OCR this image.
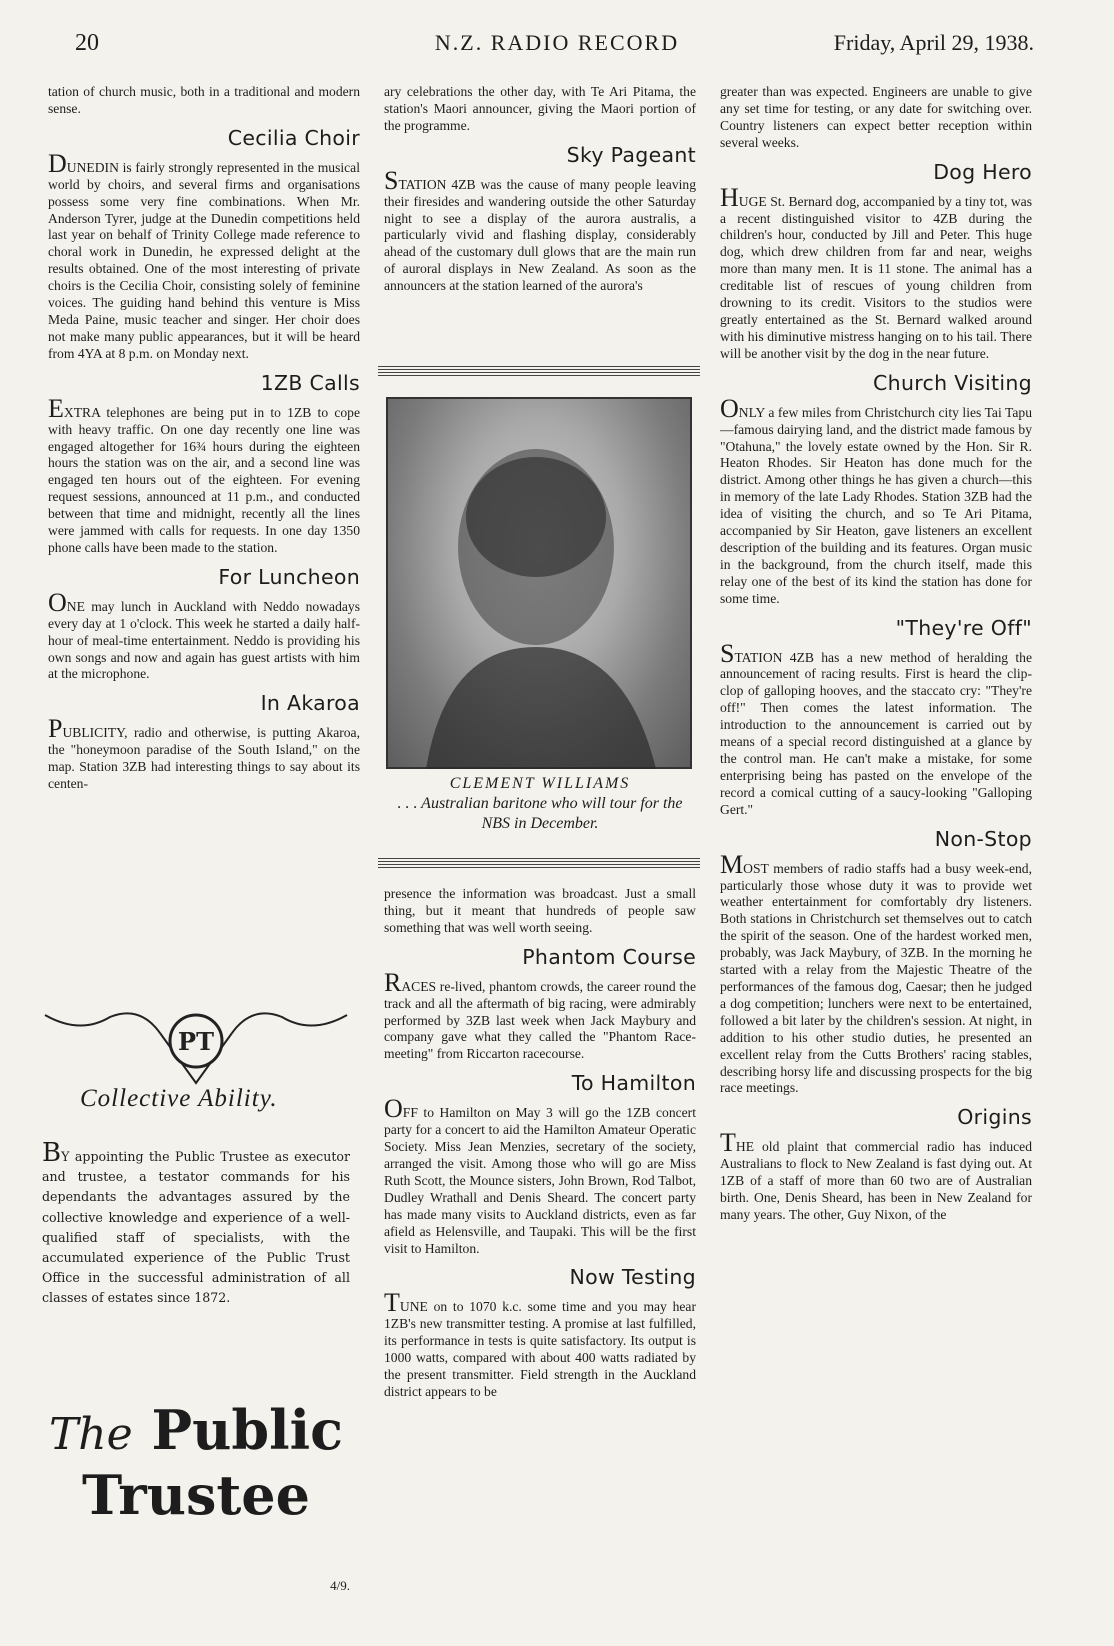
20	N.Z. RADIO RECORD	Friday, April 29, 1938.

tation of church music, both in a traditional and modern sense.

Cecilia Choir

DUNEDIN is fairly strongly represented in the musical world by choirs, and several firms and organisations possess some very fine combinations. When Mr. Anderson Tyrer, judge at the Dunedin competitions held last year on behalf of Trinity College made reference to choral work in Dunedin, he expressed delight at the results obtained. One of the most interesting of private choirs is the Cecilia Choir, consisting solely of feminine voices. The guiding hand behind this venture is Miss Meda Paine, music teacher and singer. Her choir does not make many public appearances, but it will be heard from 4YA at 8 p.m. on Monday next.

1ZB Calls

EXTRA telephones are being put in to 1ZB to cope with heavy traffic. On one day recently one line was engaged altogether for 16¾ hours during the eighteen hours the station was on the air, and a second line was engaged ten hours out of the eighteen. For evening request sessions, announced at 11 p.m., and conducted between that time and midnight, recently all the lines were jammed with calls for requests. In one day 1350 phone calls have been made to the station.

For Luncheon

ONE may lunch in Auckland with Neddo nowadays every day at 1 o'clock. This week he started a daily half-hour of meal-time entertainment. Neddo is providing his own songs and now and again has guest artists with him at the microphone.

In Akaroa

PUBLICITY, radio and otherwise, is putting Akaroa, the "honeymoon paradise of the South Island," on the map. Station 3ZB had interesting things to say about its centen-

PT
Collective Ability.
BY appointing the Public Trustee as executor and trustee, a testator commands for his dependants the advantages assured by the collective knowledge and experience of a well-qualified staff of specialists, with the accumulated experience of the Public Trust Office in the successful administration of all classes of estates since 1872.
The Public
Trustee
4/9.

ary celebrations the other day, with Te Ari Pitama, the station's Maori announcer, giving the Maori portion of the programme.

Sky Pageant

STATION 4ZB was the cause of many people leaving their firesides and wandering outside the other Saturday night to see a display of the aurora australis, a particularly vivid and flashing display, considerably ahead of the customary dull glows that are the main run of auroral displays in New Zealand. As soon as the announcers at the station learned of the aurora's

CLEMENT WILLIAMS
. . . Australian baritone who will tour for the NBS in December.

presence the information was broadcast. Just a small thing, but it meant that hundreds of people saw something that was well worth seeing.

Phantom Course

RACES re-lived, phantom crowds, the career round the track and all the aftermath of big racing, were admirably performed by 3ZB last week when Jack Maybury and company gave what they called the "Phantom Race-meeting" from Riccarton racecourse.

To Hamilton

OFF to Hamilton on May 3 will go the 1ZB concert party for a concert to aid the Hamilton Amateur Operatic Society. Miss Jean Menzies, secretary of the society, arranged the visit. Among those who will go are Miss Ruth Scott, the Mounce sisters, John Brown, Rod Talbot, Dudley Wrathall and Denis Sheard. The concert party has made many visits to Auckland districts, even as far afield as Helensville, and Taupaki. This will be the first visit to Hamilton.

Now Testing

TUNE on to 1070 k.c. some time and you may hear 1ZB's new transmitter testing. A promise at last fulfilled, its performance in tests is quite satisfactory. Its output is 1000 watts, compared with about 400 watts radiated by the present transmitter. Field strength in the Auckland district appears to be

greater than was expected. Engineers are unable to give any set time for testing, or any date for switching over. Country listeners can expect better reception within several weeks.

Dog Hero

HUGE St. Bernard dog, accompanied by a tiny tot, was a recent distinguished visitor to 4ZB during the children's hour, conducted by Jill and Peter. This huge dog, which drew children from far and near, weighs more than many men. It is 11 stone. The animal has a creditable list of rescues of young children from drowning to its credit. Visitors to the studios were greatly entertained as the St. Bernard walked around with his diminutive mistress hanging on to his tail. There will be another visit by the dog in the near future.

Church Visiting

ONLY a few miles from Christchurch city lies Tai Tapu—famous dairying land, and the district made famous by "Otahuna," the lovely estate owned by the Hon. Sir R. Heaton Rhodes. Sir Heaton has done much for the district. Among other things he has given a church—this in memory of the late Lady Rhodes. Station 3ZB had the idea of visiting the church, and so Te Ari Pitama, accompanied by Sir Heaton, gave listeners an excellent description of the building and its features. Organ music in the background, from the church itself, made this relay one of the best of its kind the station has done for some time.

"They're Off"

STATION 4ZB has a new method of heralding the announcement of racing results. First is heard the clip-clop of galloping hooves, and the staccato cry: "They're off!" Then comes the latest information. The introduction to the announcement is carried out by means of a special record distinguished at a glance by the control man. He can't make a mistake, for some enterprising being has pasted on the envelope of the record a comical cutting of a saucy-looking "Galloping Gert."

Non-Stop

MOST members of radio staffs had a busy week-end, particularly those whose duty it was to provide wet weather entertainment for comfortably dry listeners. Both stations in Christchurch set themselves out to catch the spirit of the season. One of the hardest worked men, probably, was Jack Maybury, of 3ZB. In the morning he started with a relay from the Majestic Theatre of the performances of the famous dog, Caesar; then he judged a dog competition; lunchers were next to be entertained, followed a bit later by the children's session. At night, in addition to his other studio duties, he presented an excellent relay from the Cutts Brothers' racing stables, describing horsy life and discussing prospects for the big race meetings.

Origins

THE old plaint that commercial radio has induced Australians to flock to New Zealand is fast dying out. At 1ZB of a staff of more than 60 two are of Australian birth. One, Denis Sheard, has been in New Zealand for many years. The other, Guy Nixon, of the
